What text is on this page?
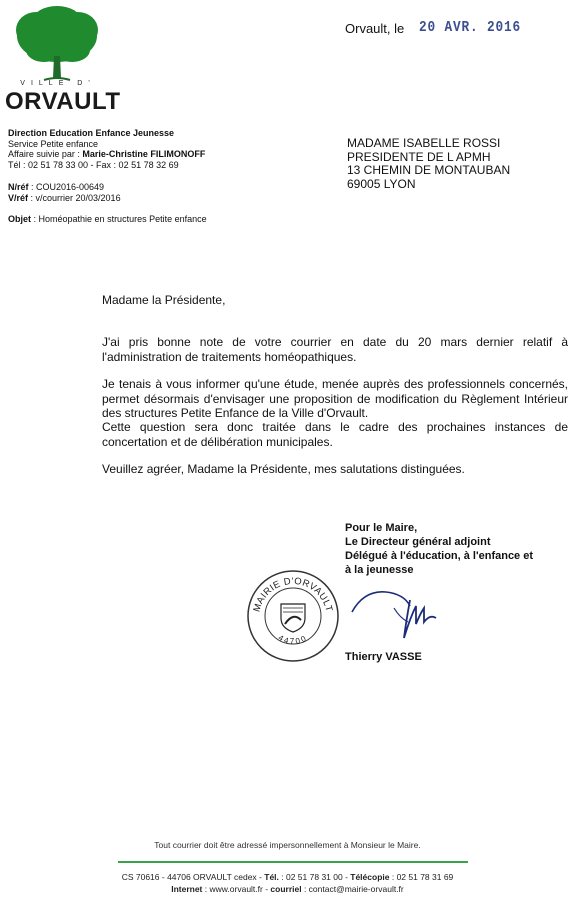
VILLE D'
ORVAULT
Orvault, le 20 AVR. 2016
Direction Education Enfance Jeunesse
Service Petite enfance
Affaire suivie par : Marie-Christine FILIMONOFF
Tél : 02 51 78 33 00 - Fax : 02 51 78 32 69
N/réf : COU2016-00649
V/réf : v/courrier 20/03/2016
Objet : Homéopathie en structures Petite enfance
MADAME ISABELLE ROSSI
PRESIDENTE DE L APMH
13 CHEMIN DE MONTAUBAN
69005 LYON
Madame la Présidente,
J'ai pris bonne note de votre courrier en date du 20 mars dernier relatif à l'administration de traitements homéopathiques.
Je tenais à vous informer qu'une étude, menée auprès des professionnels concernés, permet désormais d'envisager une proposition de modification du Règlement Intérieur des structures Petite Enfance de la Ville d'Orvault.
Cette question sera donc traitée dans le cadre des prochaines instances de concertation et de délibération municipales.
Veuillez agréer, Madame la Présidente, mes salutations distinguées.
Pour le Maire,
Le Directeur général adjoint
Délégué à l'éducation, à l'enfance et
à la jeunesse
MAIRIE D'ORVAULT
44700
Thierry VASSE
Tout courrier doit être adressé impersonnellement à Monsieur le Maire.
CS 70616 - 44706 ORVAULT cedex - Tél. : 02 51 78 31 00 - Télécopie : 02 51 78 31 69
Internet : www.orvault.fr - courriel : contact@mairie-orvault.fr
